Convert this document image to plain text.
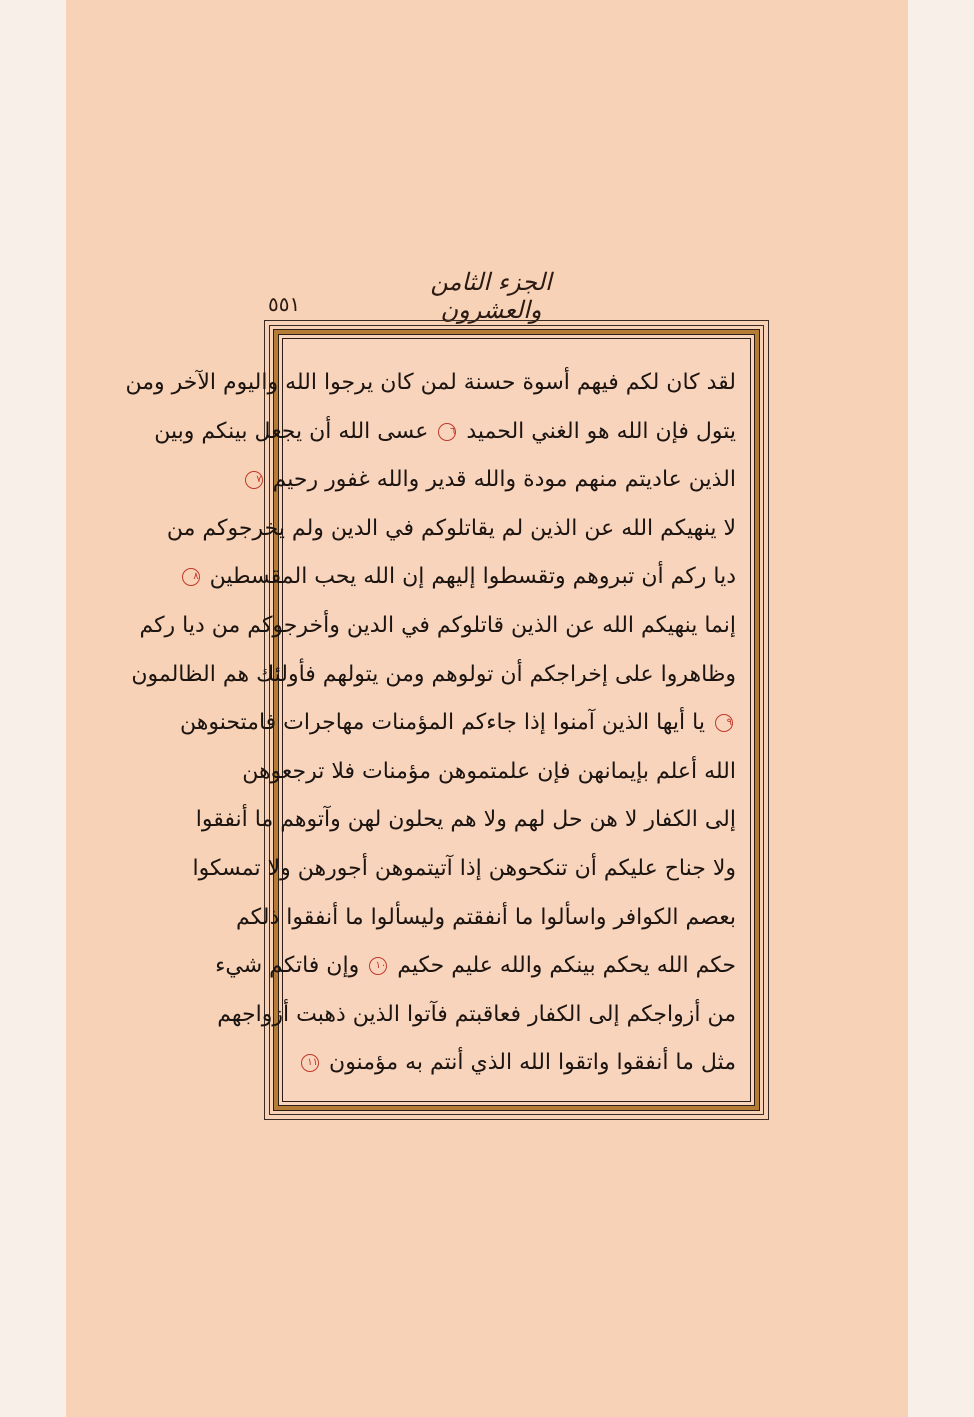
الجزء الثامن والعشرون
٥٥١
لقد كان لكم فيهم أسوة حسنة لمن كان يرجوا الله واليوم الآخر ومن
يتول فإن الله هو الغني الحميد ٦ عسى الله أن يجعل بينكم وبين
الذين عاديتم منهم مودة والله قدير والله غفور رحيم ٧
لا ينهيكم الله عن الذين لم يقاتلوكم في الدين ولم يخرجوكم من
ديا ركم أن تبروهم وتقسطوا إليهم إن الله يحب المقسطين ٨
إنما ينهيكم الله عن الذين قاتلوكم في الدين وأخرجوكم من ديا ركم
وظاهروا على إخراجكم أن تولوهم ومن يتولهم فأولئك هم الظالمون
٩ يا أيها الذين آمنوا إذا جاءكم المؤمنات مهاجرات فامتحنوهن
الله أعلم بإيمانهن فإن علمتموهن مؤمنات فلا ترجعوهن
إلى الكفار لا هن حل لهم ولا هم يحلون لهن وآتوهم ما أنفقوا
ولا جناح عليكم أن تنكحوهن إذا آتيتموهن أجورهن ولا تمسكوا
بعصم الكوافر واسألوا ما أنفقتم وليسألوا ما أنفقوا ذلكم
حكم الله يحكم بينكم والله عليم حكيم ١٠ وإن فاتكم شيء
من أزواجكم إلى الكفار فعاقبتم فآتوا الذين ذهبت أزواجهم
مثل ما أنفقوا واتقوا الله الذي أنتم به مؤمنون ١١
